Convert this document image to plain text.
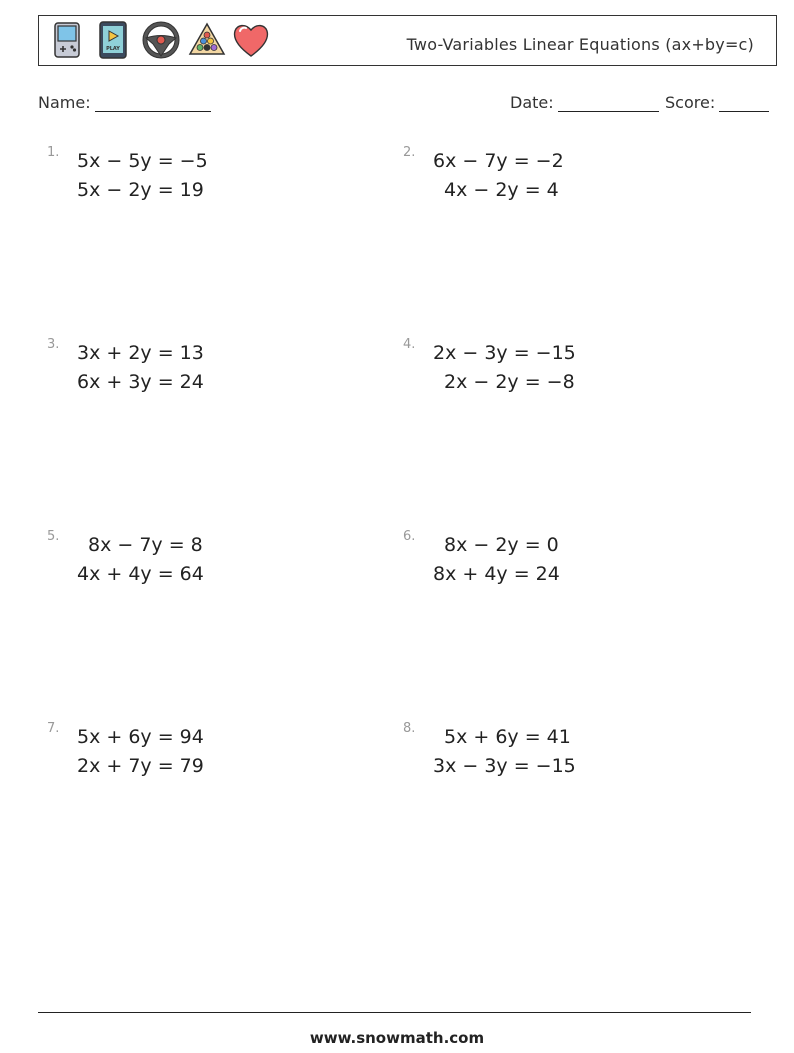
PLAY	Two-Variables Linear Equations (ax+by=c)
Name:	Date:	Score:
1. 5x − 5y = −5
5x − 2y = 19
2. 6x − 7y = −2
4x − 2y = 4
3. 3x + 2y = 13
6x + 3y = 24
4. 2x − 3y = −15
2x − 2y = −8
5. 8x − 7y = 8
4x + 4y = 64
6. 8x − 2y = 0
8x + 4y = 24
7. 5x + 6y = 94
2x + 7y = 79
8. 5x + 6y = 41
3x − 3y = −15
www.snowmath.com
